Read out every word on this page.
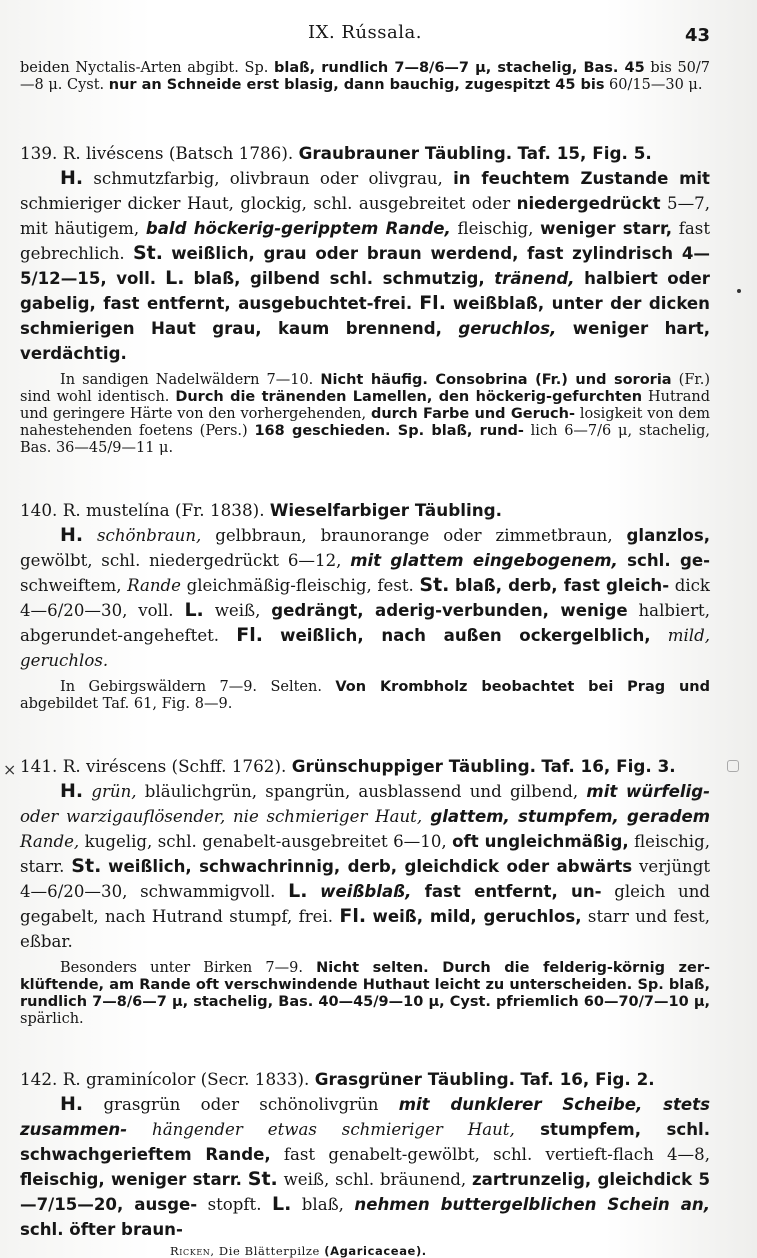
×
IX. Rússala.	43

beiden Nyctalis-Arten abgibt. Sp. blaß, rundlich 7—8/6—7 μ, stachelig, Bas. 45 bis 50/7—8 μ. Cyst. nur an Schneide erst blasig, dann bauchig, zugespitzt 45 bis 60/15—30 μ.

139. R. livéscens (Batsch 1786). Graubrauner Täubling. Taf. 15, Fig. 5.

H. schmutzfarbig, olivbraun oder olivgrau, in feuchtem Zustande mit schmieriger dicker Haut, glockig, schl. ausgebreitet oder niedergedrückt 5—7, mit häutigem, bald höckerig-geripptem Rande, fleischig, weniger starr, fast gebrechlich. St. weißlich, grau oder braun werdend, fast zylindrisch 4—5/12—15, voll. L. blaß, gilbend schl. schmutzig, tränend, halbiert oder gabelig, fast entfernt, ausgebuchtet-frei. Fl. weißblaß, unter der dicken schmierigen Haut grau, kaum brennend, geruchlos, weniger hart, verdächtig.

In sandigen Nadelwäldern 7—10. Nicht häufig. Consobrina (Fr.) und sororia (Fr.) sind wohl identisch. Durch die tränenden Lamellen, den höckerig-gefurchten Hutrand und geringere Härte von den vorhergehenden, durch Farbe und Geruch- losigkeit von dem nahestehenden foetens (Pers.) 168 geschieden. Sp. blaß, rund- lich 6—7/6 μ, stachelig, Bas. 36—45/9—11 μ.

140. R. mustelína (Fr. 1838). Wieselfarbiger Täubling.

H. schönbraun, gelbbraun, braunorange oder zimmetbraun, glanzlos, gewölbt, schl. niedergedrückt 6—12, mit glattem eingebogenem, schl. ge- schweiftem, Rande gleichmäßig-fleischig, fest. St. blaß, derb, fast gleich- dick 4—6/20—30, voll. L. weiß, gedrängt, aderig-verbunden, wenige halbiert, abgerundet-angeheftet. Fl. weißlich, nach außen ockergelblich, mild, geruchlos.

In Gebirgswäldern 7—9. Selten. Von Krombholz beobachtet bei Prag und abgebildet Taf. 61, Fig. 8—9.

141. R. viréscens (Schff. 1762). Grünschuppiger Täubling. Taf. 16, Fig. 3.

H. grün, bläulichgrün, spangrün, ausblassend und gilbend, mit würfelig- oder warzigauflösender, nie schmieriger Haut, glattem, stumpfem, geradem Rande, kugelig, schl. genabelt-ausgebreitet 6—10, oft ungleichmäßig, fleischig, starr. St. weißlich, schwachrinnig, derb, gleichdick oder abwärts verjüngt 4—6/20—30, schwammigvoll. L. weißblaß, fast entfernt, un- gleich und gegabelt, nach Hutrand stumpf, frei. Fl. weiß, mild, geruchlos, starr und fest, eßbar.

Besonders unter Birken 7—9. Nicht selten. Durch die felderig-körnig zer- klüftende, am Rande oft verschwindende Huthaut leicht zu unterscheiden. Sp. blaß, rundlich 7—8/6—7 μ, stachelig, Bas. 40—45/9—10 μ, Cyst. pfriemlich 60—70/7—10 μ, spärlich.

142. R. graminícolor (Secr. 1833). Grasgrüner Täubling. Taf. 16, Fig. 2.

H. grasgrün oder schönolivgrün mit dunklerer Scheibe, stets zusammen- hängender etwas schmieriger Haut, stumpfem, schl. schwachgerieftem Rande, fast genabelt-gewölbt, schl. vertieft-flach 4—8, fleischig, weniger starr. St. weiß, schl. bräunend, zartrunzelig, gleichdick 5—7/15—20, ausge- stopft. L. blaß, nehmen buttergelblichen Schein an, schl. öfter braun-

Ricken, Die Blätterpilze (Agaricaceae).
